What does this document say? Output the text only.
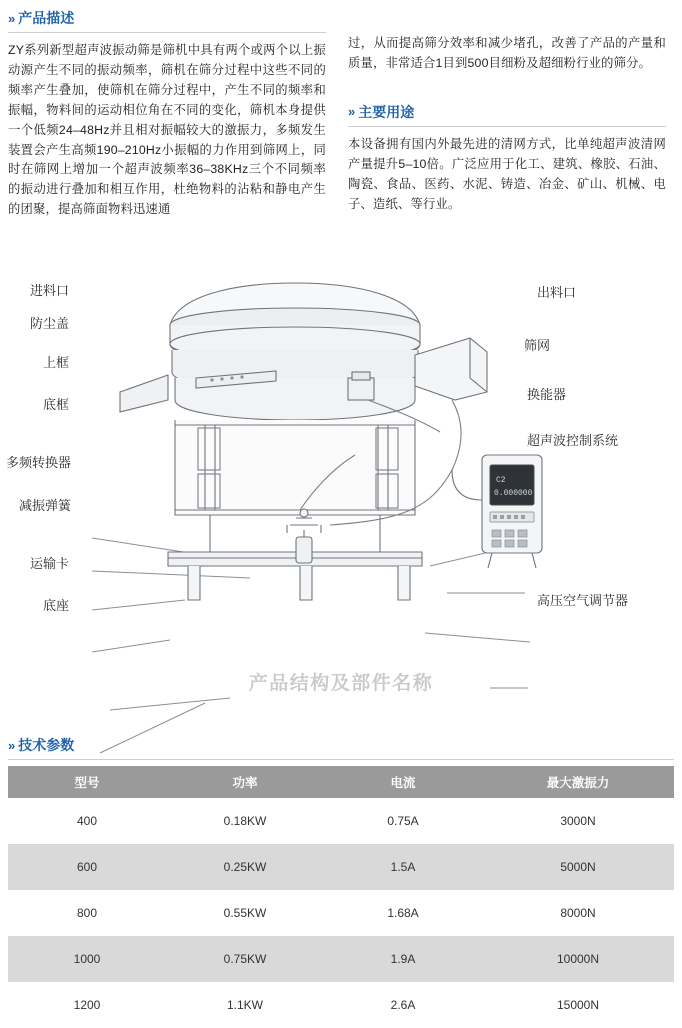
» 产品描述
ZY系列新型超声波振动筛是筛机中具有两个或两个以上振动源产生不同的振动频率，筛机在筛分过程中这些不同的频率产生叠加，使筛机在筛分过程中，产生不同的频率和振幅，物料间的运动相位角在不同的变化，筛机本身提供一个低频24–48Hz并且相对振幅较大的激振力，多频发生装置会产生高频190–210Hz小振幅的力作用到筛网上，同时在筛网上增加一个超声波频率36–38KHz三个不同频率的振动进行叠加和相互作用，杜绝物料的沾粘和静电产生的团聚，提高筛面物料迅速通
过，从而提高筛分效率和减少堵孔，改善了产品的产量和质量，非常适合1目到500目细粉及超细粉行业的筛分。
» 主要用途
本设备拥有国内外最先进的清网方式，比单纯超声波清网产量提升5–10倍。广泛应用于化工、建筑、橡胶、石油、陶瓷、食品、医药、水泥、铸造、冶金、矿山、机械、电子、造纸、等行业。
C2
0.000000
进料口
防尘盖
上框
底框
多频转换器
减振弹簧
运输卡
底座
出料口
筛网
换能器
超声波控制系统
高压空气调节器
产品结构及部件名称
» 技术参数
型号	功率	电流	最大激振力
400	0.18KW	0.75A	3000N
600	0.25KW	1.5A	5000N
800	0.55KW	1.68A	8000N
1000	0.75KW	1.9A	10000N
1200	1.1KW	2.6A	15000N
